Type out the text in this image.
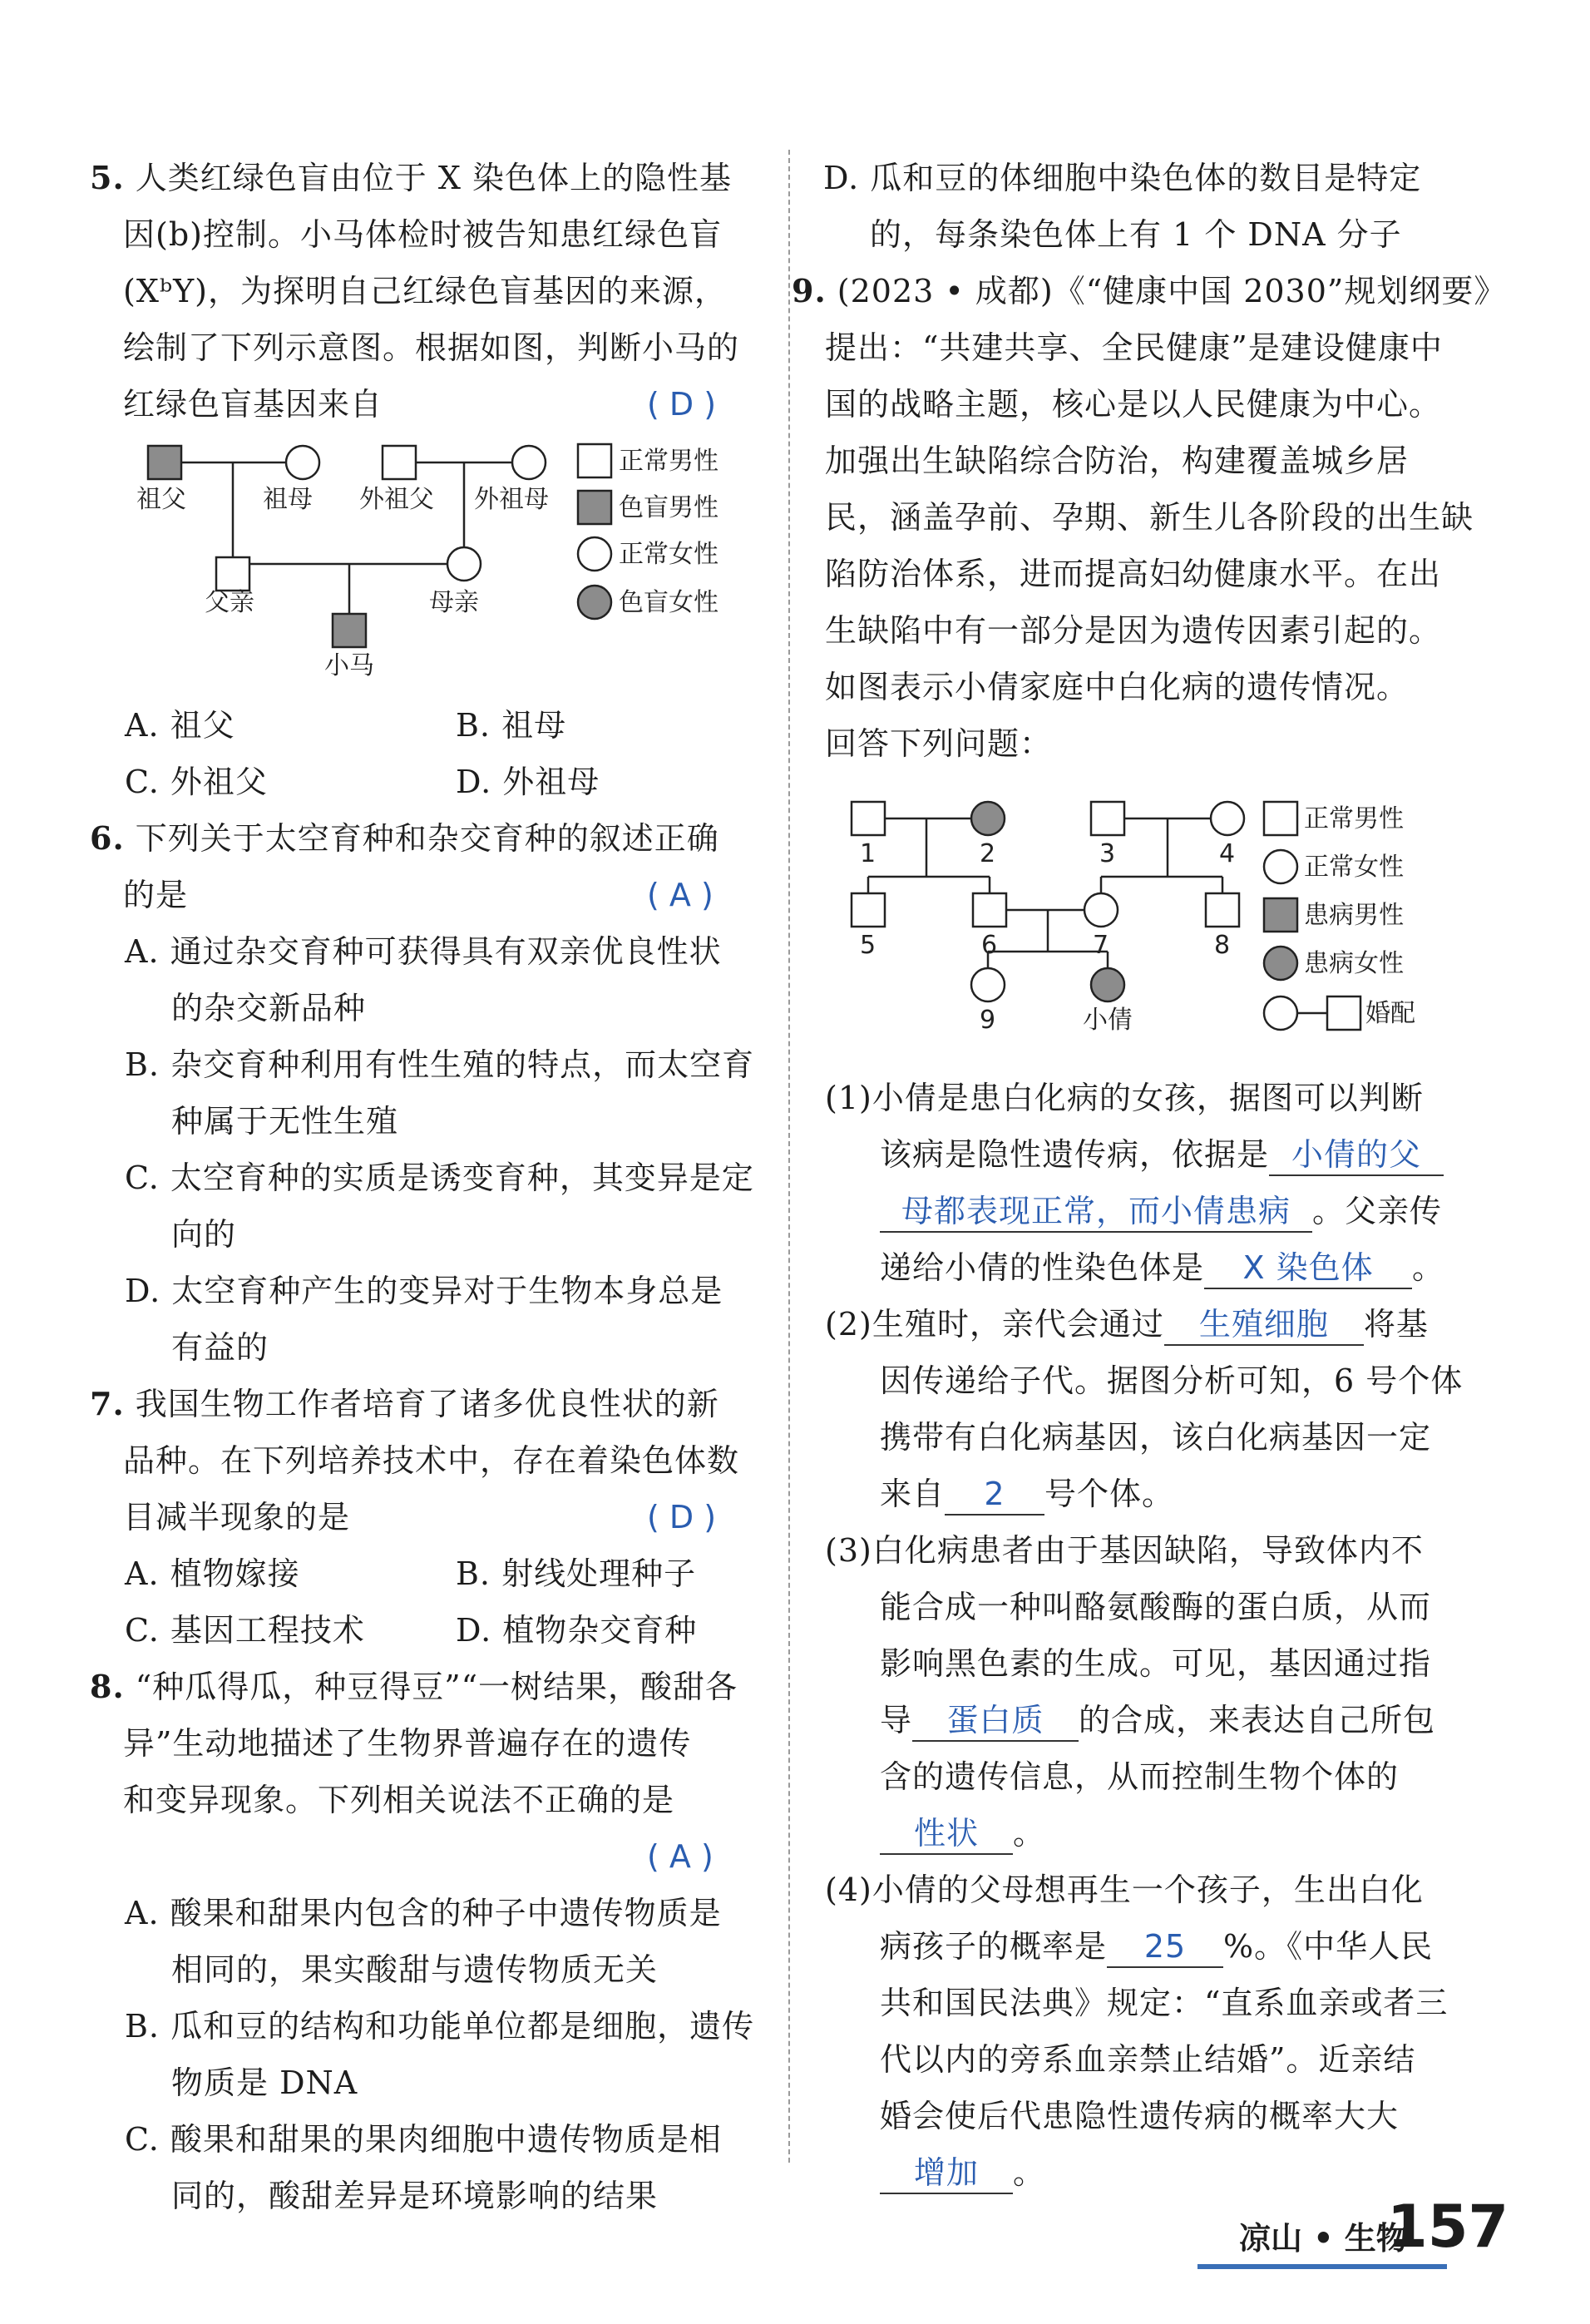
5. 人类红绿色盲由位于 X 染色体上的隐性基
因(b)控制。小马体检时被告知患红绿色盲
(XᵇY)，为探明自己红绿色盲基因的来源，
绘制了下列示意图。根据如图，判断小马的
红绿色盲基因来自	( D )
祖父	祖母 外祖父 外祖母
父亲	母亲
小马
正常男性
色盲男性
正常女性
色盲女性
A. 祖父	B. 祖母
C. 外祖父	D. 外祖母
6. 下列关于太空育种和杂交育种的叙述正确
的是	( A )
A. 通过杂交育种可获得具有双亲优良性状
的杂交新品种
B. 杂交育种利用有性生殖的特点，而太空育
种属于无性生殖
C. 太空育种的实质是诱变育种，其变异是定
向的
D. 太空育种产生的变异对于生物本身总是
有益的
7. 我国生物工作者培育了诸多优良性状的新
品种。在下列培养技术中，存在着染色体数
目减半现象的是	( D )
A. 植物嫁接	B. 射线处理种子
C. 基因工程技术	D. 植物杂交育种
8. “种瓜得瓜，种豆得豆”“一树结果，酸甜各
异”生动地描述了生物界普遍存在的遗传
和变异现象。下列相关说法不正确的是
( A )
A. 酸果和甜果内包含的种子中遗传物质是
相同的，果实酸甜与遗传物质无关
B. 瓜和豆的结构和功能单位都是细胞，遗传
物质是 DNA
C. 酸果和甜果的果肉细胞中遗传物质是相
同的，酸甜差异是环境影响的结果
D. 瓜和豆的体细胞中染色体的数目是特定
的，每条染色体上有 1 个 DNA 分子
9. (2023 • 成都)《“健康中国 2030”规划纲要》
提出：“共建共享、全民健康”是建设健康中
国的战略主题，核心是以人民健康为中心。
加强出生缺陷综合防治，构建覆盖城乡居
民，涵盖孕前、孕期、新生儿各阶段的出生缺
陷防治体系，进而提高妇幼健康水平。在出
生缺陷中有一部分是因为遗传因素引起的。
如图表示小倩家庭中白化病的遗传情况。
回答下列问题：
1	2	3	4
5	6	7	8
9	小倩
正常男性
正常女性
患病男性
患病女性
婚配
(1)小倩是患白化病的女孩，据图可以判断
该病是隐性遗传病，依据是 小倩的父
母都表现正常，而小倩患病 。父亲传
递给小倩的性染色体是 X 染色体 。
(2)生殖时，亲代会通过 生殖细胞 将基
因传递给子代。据图分析可知，6 号个体
携带有白化病基因，该白化病基因一定
来自 2 号个体。
(3)白化病患者由于基因缺陷，导致体内不
能合成一种叫酪氨酸酶的蛋白质，从而
影响黑色素的生成。可见，基因通过指
导 蛋白质 的合成，来表达自己所包
含的遗传信息，从而控制生物个体的
性状 。
(4)小倩的父母想再生一个孩子，生出白化
病孩子的概率是 25 %。《中华人民
共和国民法典》规定：“直系血亲或者三
代以内的旁系血亲禁止结婚”。近亲结
婚会使后代患隐性遗传病的概率大大
增加 。
凉山 • 生物
157
